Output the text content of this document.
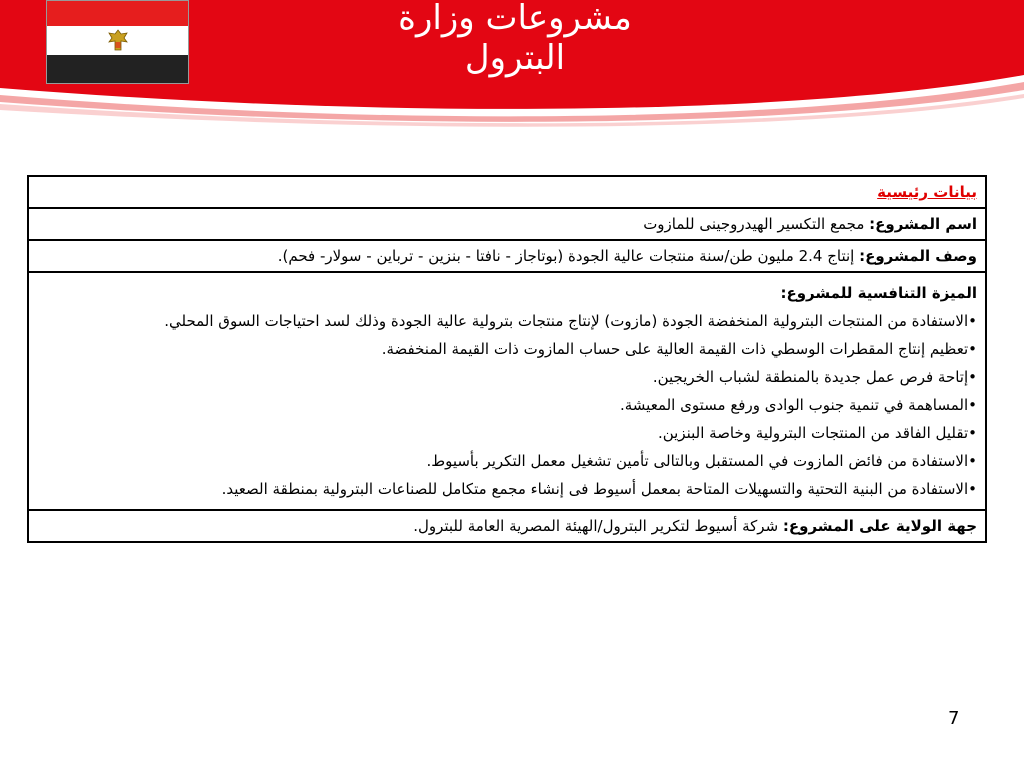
مشروعات وزارة البترول
بيانات رئيسية
اسم المشروع: مجمع التكسير الهيدروجينى للمازوت
وصف المشروع: إنتاج 2.4 مليون طن/سنة منتجات عالية الجودة (بوتاجاز - نافتا - بنزين - ترباين - سولار- فحم).

الميزة التنافسية للمشروع:
•الاستفادة من المنتجات البترولية المنخفضة الجودة (مازوت) لإنتاج منتجات بترولية عالية الجودة وذلك لسد احتياجات السوق المحلي.
•تعظيم إنتاج المقطرات الوسطي ذات القيمة العالية على حساب المازوت ذات القيمة المنخفضة.
•إتاحة فرص عمل جديدة بالمنطقة لشباب الخريجين.
•المساهمة في تنمية جنوب الوادى ورفع مستوى المعيشة.
•تقليل الفاقد من المنتجات البترولية وخاصة البنزين.
•الاستفادة من فائض المازوت في المستقبل وبالتالى تأمين تشغيل معمل التكرير بأسيوط.
•الاستفادة من البنية التحتية والتسهيلات المتاحة بمعمل أسيوط فى إنشاء مجمع متكامل للصناعات البترولية بمنطقة الصعيد.

جهة الولاية على المشروع: شركة أسيوط لتكرير البترول/الهيئة المصرية العامة للبترول.
7
